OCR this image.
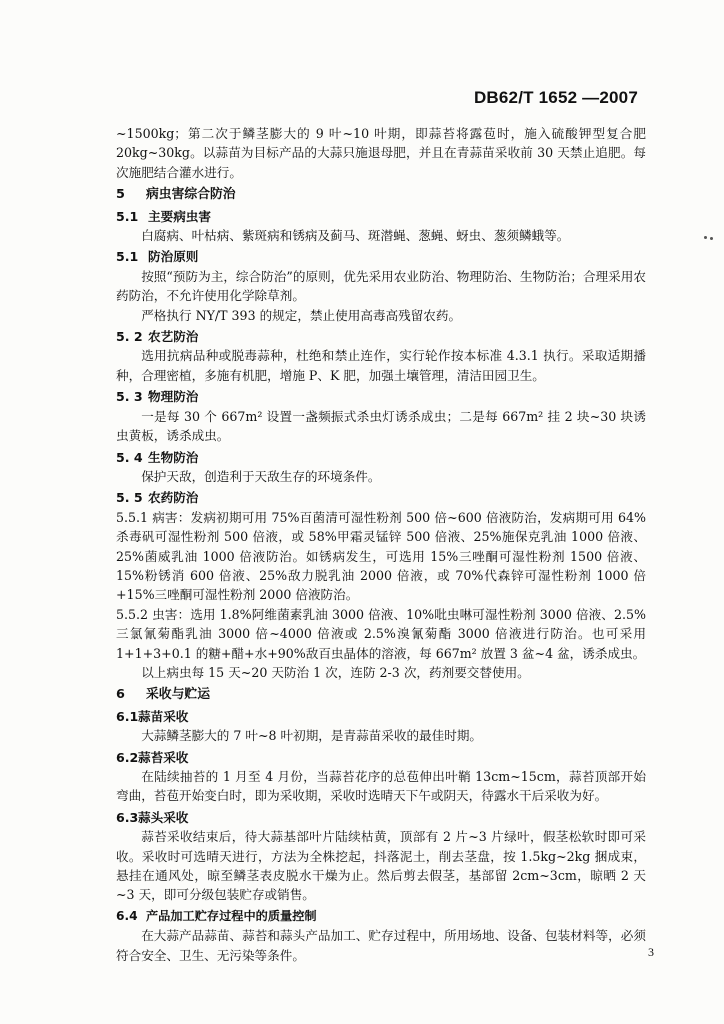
DB62/T 1652 —2007

~1500kg；第二次于鳞茎膨大的 9 叶~10 叶期，即蒜苔将露苞时，施入硫酸钾型复合肥 20kg~30kg。以蒜苗为目标产品的大蒜只施退母肥，并且在青蒜苗采收前 30 天禁止追肥。每次施肥结合灌水进行。

5 病虫害综合防治
5.1 主要病虫害

白腐病、叶枯病、紫斑病和锈病及蓟马、斑潜蝇、葱蝇、蚜虫、葱须鳞蛾等。

5.1 防治原则

按照“预防为主，综合防治”的原则，优先采用农业防治、物理防治、生物防治；合理采用农药防治，不允许使用化学除草剂。

严格执行 NY/T 393 的规定，禁止使用高毒高残留农药。

5. 2 农艺防治

选用抗病品种或脱毒蒜种，杜绝和禁止连作，实行轮作按本标准 4.3.1 执行。采取适期播种，合理密植，多施有机肥，增施 P、K 肥，加强土壤管理，清洁田园卫生。

5. 3 物理防治

一是每 30 个 667m² 设置一盏频振式杀虫灯诱杀成虫；二是每 667m² 挂 2 块~30 块诱虫黄板，诱杀成虫。

5. 4 生物防治

保护天敌，创造利于天敌生存的环境条件。

5. 5 农药防治

5.5.1 病害：发病初期可用 75%百菌清可湿性粉剂 500 倍~600 倍液防治，发病期可用 64%杀毒矾可湿性粉剂 500 倍液，或 58%甲霜灵锰锌 500 倍液、25%施保克乳油 1000 倍液、25%菌威乳油 1000 倍液防治。如锈病发生，可选用 15%三唑酮可湿性粉剂 1500 倍液、15%粉锈消 600 倍液、25%敌力脱乳油 2000 倍液，或 70%代森锌可湿性粉剂 1000 倍+15%三唑酮可湿性粉剂 2000 倍液防治。

5.5.2 虫害：选用 1.8%阿维菌素乳油 3000 倍液、10%吡虫啉可湿性粉剂 3000 倍液、2.5%三氯氰菊酯乳油 3000 倍~4000 倍液或 2.5%溴氰菊酯 3000 倍液进行防治。也可采用 1+1+3+0.1 的糖+醋+水+90%敌百虫晶体的溶液，每 667m² 放置 3 盆~4 盆，诱杀成虫。

以上病虫每 15 天~20 天防治 1 次，连防 2-3 次，药剂要交替使用。

6 采收与贮运
6.1蒜苗采收

大蒜鳞茎膨大的 7 叶~8 叶初期，是青蒜苗采收的最佳时期。

6.2蒜苔采收

在陆续抽苔的 1 月至 4 月份，当蒜苔花序的总苞伸出叶鞘 13cm~15cm，蒜苔顶部开始弯曲，苔苞开始变白时，即为采收期，采收时选晴天下午或阴天，待露水干后采收为好。

6.3蒜头采收

蒜苔采收结束后，待大蒜基部叶片陆续枯黄，顶部有 2 片~3 片绿叶，假茎松软时即可采收。采收时可选晴天进行，方法为全株挖起，抖落泥土，削去茎盘，按 1.5kg~2kg 捆成束，悬挂在通风处，晾至鳞茎表皮脱水干燥为止。然后剪去假茎，基部留 2cm~3cm，晾晒 2 天~3 天，即可分级包装贮存或销售。

6.4 产品加工贮存过程中的质量控制

在大蒜产品蒜苗、蒜苔和蒜头产品加工、贮存过程中，所用场地、设备、包装材料等，必须符合安全、卫生、无污染等条件。	3
